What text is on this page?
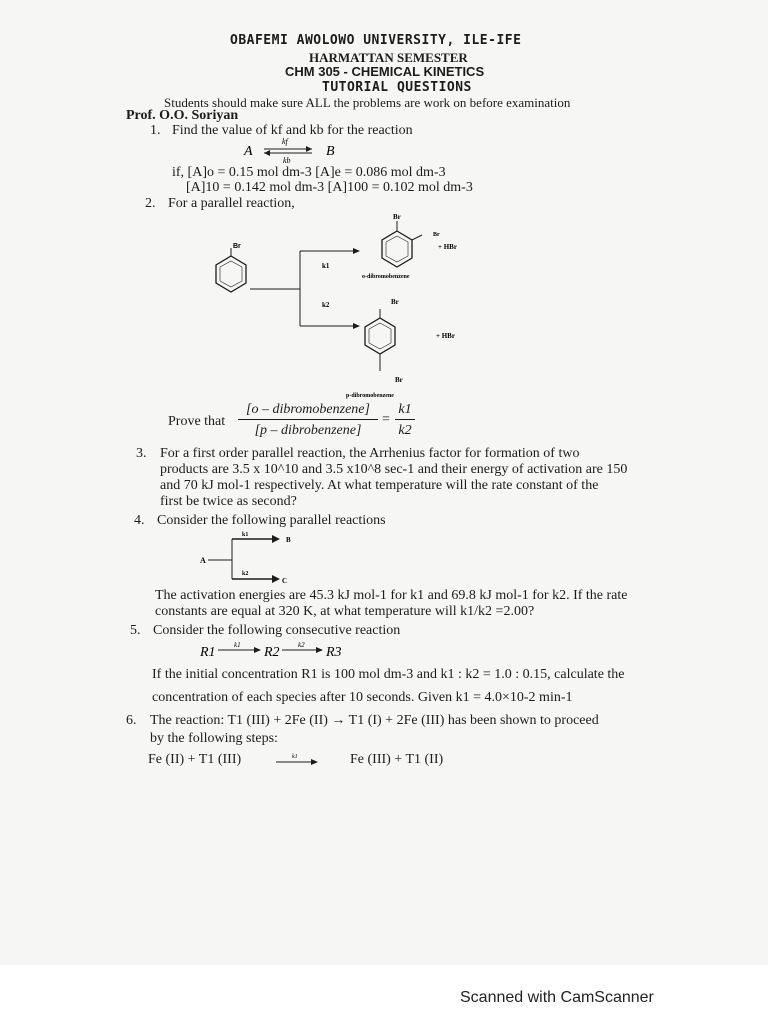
OBAFEMI AWOLOWO UNIVERSITY, ILE-IFE
HARMATTAN SEMESTER
CHM 305 - CHEMICAL KINETICS
TUTORIAL QUESTIONS
Students should make sure ALL the problems are work on before examination
Prof. O.O. Soriyan
1. Find the value of kf and kb for the reaction
A
kf
kb
B
if, [A]o = 0.15 mol dm-3 [A]e = 0.086 mol dm-3
[A]10 = 0.142 mol dm-3 [A]100 = 0.102 mol dm-3
2. For a parallel reaction,
Br
k1
k2
Br
Br
+ HBr
o-dibromobenzene
Br
Br
+ HBr
p-dibromobenzene
Prove that
[o – dibromobenzene]
[p – dibrobenzene]
=
k1
k2
3. For a first order parallel reaction, the Arrhenius factor for formation of two
products are 3.5 x 10^10 and 3.5 x10^8 sec-1 and their energy of activation are 150
and 70 kJ mol-1 respectively. At what temperature will the rate constant of the
first be twice as second?
4. Consider the following parallel reactions
A
k1
k2
B
C
The activation energies are 45.3 kJ mol-1 for k1 and 69.8 kJ mol-1 for k2. If the rate
constants are equal at 320 K, at what temperature will k1/k2 =2.00?
5. Consider the following consecutive reaction
R1	k1 R2	k2 R3
If the initial concentration R1 is 100 mol dm-3 and k1 : k2 = 1.0 : 0.15, calculate the
concentration of each species after 10 seconds. Given k1 = 4.0×10-2 min-1
6. The reaction: T1 (III) + 2Fe (II) → T1 (I) + 2Fe (III) has been shown to proceed
by the following steps:
Fe (II) + T1 (III)	k1	Fe (III) + T1 (II)
Scanned with CamScanner
